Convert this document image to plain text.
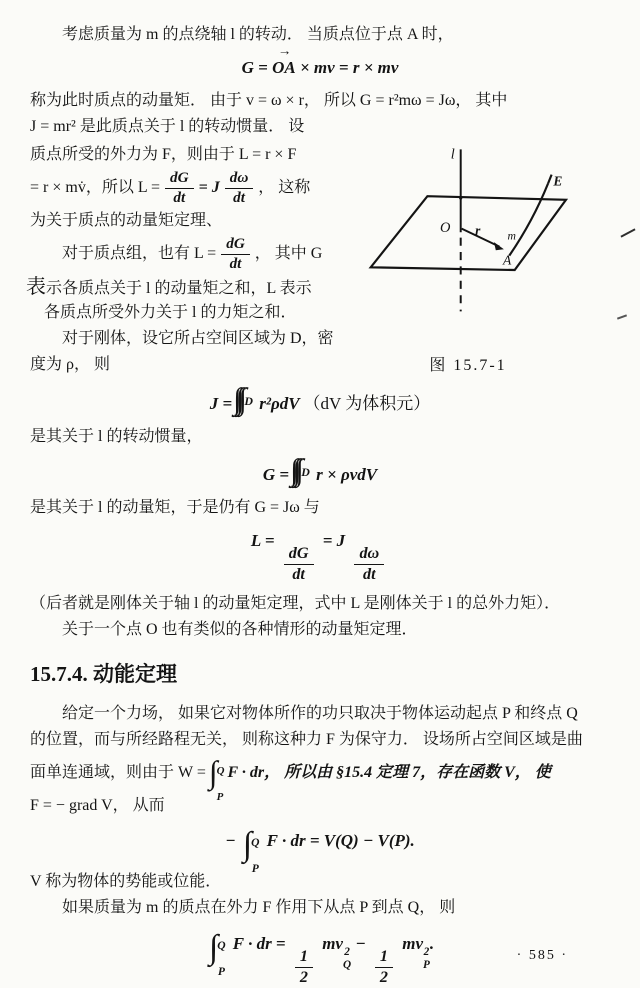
考虑质量为 m 的点绕轴 l 的转动． 当质点位于点 A 时，

G =
→
OA × mv = r × mv

称为此时质点的动量矩． 由于 v = ω × r， 所以 G = r²mω = Jω， 其中

J = mr² 是此质点关于 l 的转动惯量． 设

质点所受的外力为 F，则由于 L = r × F
= r × mv̇，所以 $L = \frac{dG}{dt} = J \frac{d\omega}{dt}$ ， 这称
为关于质点的动量矩定理、
对于质点组，也有 $L = \frac{dG}{dt}$ ， 其中 G
表示各质点关于 l 的动量矩之和，L 表示
各质点所受外力关于 l 的力矩之和．
对于刚体，设它所占空间区域为 D，密
度为 ρ， 则
l
O r m
A
E
图 15.7-1
J = D r²ρdV （dV 为体积元）

是其关于 l 的转动惯量，

G = D r × ρvdV

是其关于 l 的动量矩，于是仍有 G = Jω 与

L =
$\frac{dG}{dt}$
= J
$\frac{d\omega}{dt}$

（后者就是刚体关于轴 l 的动量矩定理，式中 L 是刚体关于 l 的总外力矩）．

关于一个点 O 也有类似的各种情形的动量矩定理．

15.7.4. 动能定理

给定一个力场， 如果它对物体所作的功只取决于物体运动起点 P 和终点 Q

的位置，而与所经路程无关， 则称这种力 F 为保守力． 设场所占空间区域是曲

面单连通域，则由于 W = ∫ Q
P
F · dr， 所以由 §15.4 定理 7，存在函数 V， 使

F = − grad V， 从而

− ∫ Q
P
F · dr = V(Q) − V(P).

V 称为物体的势能或位能．

如果质量为 m 的质点在外力 F 作用下从点 P 到点 Q， 则

∫ Q
P
F · dr =
$\frac{1}{2}$
mv 2
Q
−
$\frac{1}{2}$
mv 2
P
.
· 585 ·
